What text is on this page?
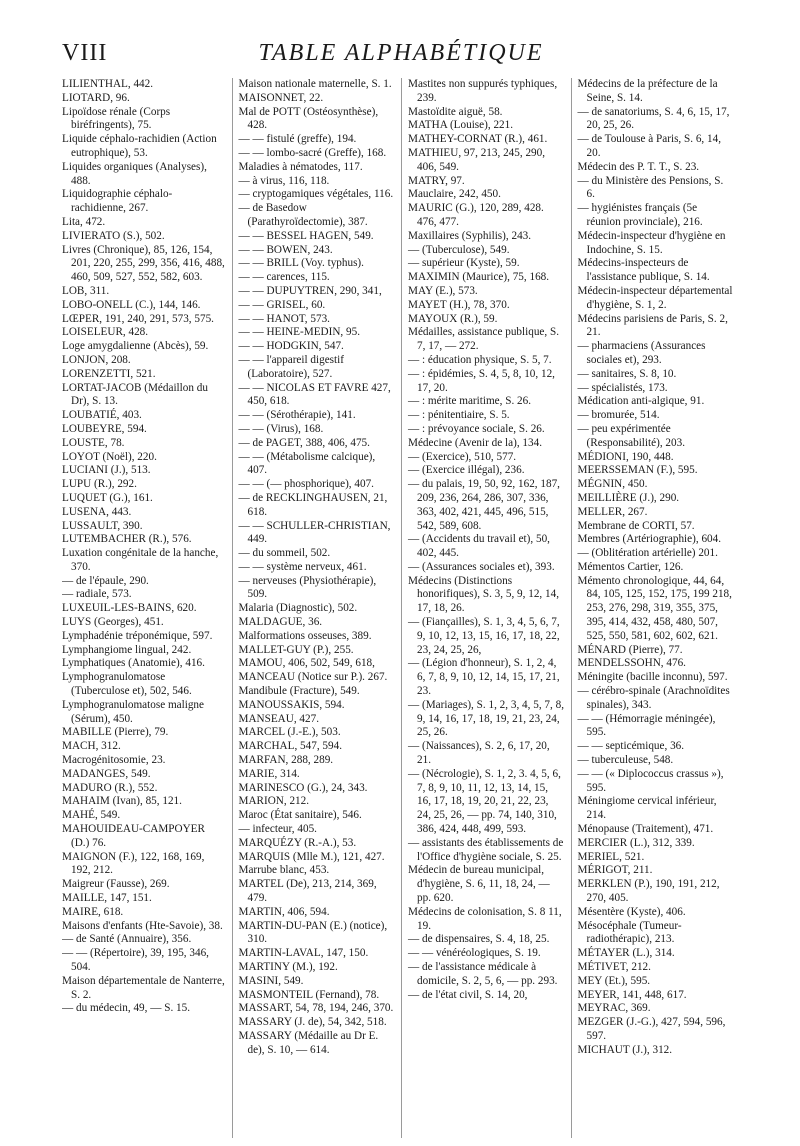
VIII	TABLE ALPHABÉTIQUE

LILIENTHAL, 442.

LIOTARD, 96.

Lipoïdose rénale (Corps biréfringents), 75.

Liquide céphalo-rachidien (Action eutrophique), 53.

Liquides organiques (Analyses), 488.

Liquidographie céphalo-rachidienne, 267.

Lita, 472.

LIVIERATO (S.), 502.

Livres (Chronique), 85, 126, 154, 201, 220, 255, 299, 356, 416, 488, 460, 509, 527, 552, 582, 603.

LOB, 311.

LOBO-ONELL (C.), 144, 146.

LŒPER, 191, 240, 291, 573, 575.

LOISELEUR, 428.

Loge amygdalienne (Abcès), 59.

LONJON, 208.

LORENZETTI, 521.

LORTAT-JACOB (Médaillon du Dr), S. 13.

LOUBATIÉ, 403.

LOUBEYRE, 594.

LOUSTE, 78.

LOYOT (Noël), 220.

LUCIANI (J.), 513.

LUPU (R.), 292.

LUQUET (G.), 161.

LUSENA, 443.

LUSSAULT, 390.

LUTEMBACHER (R.), 576.

Luxation congénitale de la hanche, 370.

— de l'épaule, 290.

— radiale, 573.

LUXEUIL-LES-BAINS, 620.

LUYS (Georges), 451.

Lymphadénie tréponémique, 597.

Lymphangiome lingual, 242.

Lymphatiques (Anatomie), 416.

Lymphogranulomatose (Tuberculose et), 502, 546.

Lymphogranulomatose maligne (Sérum), 450.

MABILLE (Pierre), 79.

MACH, 312.

Macrogénitosomie, 23.

MADANGES, 549.

MADURO (R.), 552.

MAHAIM (Ivan), 85, 121.

MAHÉ, 549.

MAHOUIDEAU-CAMPOYER (D.) 76.

MAIGNON (F.), 122, 168, 169, 192, 212.

Maigreur (Fausse), 269.

MAILLE, 147, 151.

MAIRE, 618.

Maisons d'enfants (Hte-Savoie), 38.

— de Santé (Annuaire), 356.

— — (Répertoire), 39, 195, 346, 504.

Maison départementale de Nanterre, S. 2.

— du médecin, 49, — S. 15.

Maison nationale maternelle, S. 1.

MAISONNET, 22.

Mal de POTT (Ostéosynthèse), 428.

— — fistulé (greffe), 194.

— — lombo-sacré (Greffe), 168.

Maladies à nématodes, 117.

— à virus, 116, 118.

— cryptogamiques végétales, 116.

— de Basedow (Parathyroïdectomie), 387.

— — BESSEL HAGEN, 549.

— — BOWEN, 243.

— — BRILL (Voy. typhus).

— — carences, 115.

— — DUPUYTREN, 290, 341,

— — GRISEL, 60.

— — HANOT, 573.

— — HEINE-MEDIN, 95.

— — HODGKIN, 547.

— — l'appareil digestif (Laboratoire), 527.

— — NICOLAS ET FAVRE 427, 450, 618.

— — (Sérothérapie), 141.

— — (Virus), 168.

— de PAGET, 388, 406, 475.

— — (Métabolisme calcique), 407.

— — (— phosphorique), 407.

— de RECKLINGHAUSEN, 21, 618.

— — SCHULLER-CHRISTIAN, 449.

— du sommeil, 502.

— — système nerveux, 461.

— nerveuses (Physiothérapie), 509.

Malaria (Diagnostic), 502.

MALDAGUE, 36.

Malformations osseuses, 389.

MALLET-GUY (P.), 255.

MAMOU, 406, 502, 549, 618,

MANCEAU (Notice sur P.). 267.

Mandibule (Fracture), 549.

MANOUSSAKIS, 594.

MANSEAU, 427.

MARCEL (J.-E.), 503.

MARCHAL, 547, 594.

MARFAN, 288, 289.

MARIE, 314.

MARINESCO (G.), 24, 343.

MARION, 212.

Maroc (État sanitaire), 546.

— infecteur, 405.

MARQUÉZY (R.-A.), 53.

MARQUIS (Mlle M.), 121, 427.

Marrube blanc, 453.

MARTEL (De), 213, 214, 369, 479.

MARTIN, 406, 594.

MARTIN-DU-PAN (E.) (notice), 310.

MARTIN-LAVAL, 147, 150.

MARTINY (M.), 192.

MASINI, 549.

MASMONTEIL (Fernand), 78.

MASSART, 54, 78, 194, 246, 370.

MASSARY (J. de), 54, 342, 518.

MASSARY (Médaille au Dr E. de), S. 10, — 614.

Mastites non suppurés typhiques, 239.

Mastoïdite aiguë, 58.

MATHA (Louise), 221.

MATHEY-CORNAT (R.), 461.

MATHIEU, 97, 213, 245, 290, 406, 549.

MATRY, 97.

Mauclaire, 242, 450.

MAURIC (G.), 120, 289, 428. 476, 477.

Maxillaires (Syphilis), 243.

— (Tuberculose), 549.

— supérieur (Kyste), 59.

MAXIMIN (Maurice), 75, 168.

MAY (E.), 573.

MAYET (H.), 78, 370.

MAYOUX (R.), 59.

Médailles, assistance publique, S. 7, 17, — 272.

— : éducation physique, S. 5, 7.

— : épidémies, S. 4, 5, 8, 10, 12, 17, 20.

— : mérite maritime, S. 26.

— : pénitentiaire, S. 5.

— : prévoyance sociale, S. 26.

Médecine (Avenir de la), 134.

— (Exercice), 510, 577.

— (Exercice illégal), 236.

— du palais, 19, 50, 92, 162, 187, 209, 236, 264, 286, 307, 336, 363, 402, 421, 445, 496, 515, 542, 589, 608.

— (Accidents du travail et), 50, 402, 445.

— (Assurances sociales et), 393.

Médecins (Distinctions honorifiques), S. 3, 5, 9, 12, 14, 17, 18, 26.

— (Fiançailles), S. 1, 3, 4, 5, 6, 7, 9, 10, 12, 13, 15, 16, 17, 18, 22, 23, 24, 25, 26,

— (Légion d'honneur), S. 1, 2, 4, 6, 7, 8, 9, 10, 12, 14, 15, 17, 21, 23.

— (Mariages), S. 1, 2, 3, 4, 5, 7, 8, 9, 14, 16, 17, 18, 19, 21, 23, 24, 25, 26.

— (Naissances), S. 2, 6, 17, 20, 21.

— (Nécrologie), S. 1, 2, 3. 4, 5, 6, 7, 8, 9, 10, 11, 12, 13, 14, 15, 16, 17, 18, 19, 20, 21, 22, 23, 24, 25, 26, — pp. 74, 140, 310, 386, 424, 448, 499, 593.

— assistants des établissements de l'Office d'hygiène sociale, S. 25.

Médecin de bureau municipal, d'hygiène, S. 6, 11, 18, 24, — pp. 620.

Médecins de colonisation, S. 8 11, 19.

— de dispensaires, S. 4, 18, 25.

— — vénéréologiques, S. 19.

— de l'assistance médicale à domicile, S. 2, 5, 6, — pp. 293.

— de l'état civil, S. 14, 20,

Médecins de la préfecture de la Seine, S. 14.

— de sanatoriums, S. 4, 6, 15, 17, 20, 25, 26.

— de Toulouse à Paris, S. 6, 14, 20.

Médecin des P. T. T., S. 23.

— du Ministère des Pensions, S. 6.

— hygiénistes français (5e réunion provinciale), 216.

Médecin-inspecteur d'hygiène en Indochine, S. 15.

Médecins-inspecteurs de l'assistance publique, S. 14.

Médecin-inspecteur départemental d'hygiène, S. 1, 2.

Médecins parisiens de Paris, S. 2, 21.

— pharmaciens (Assurances sociales et), 293.

— sanitaires, S. 8, 10.

— spécialistés, 173.

Médication anti-algique, 91.

— bromurée, 514.

— peu expérimentée (Responsabilité), 203.

MÉDIONI, 190, 448.

MEERSSEMAN (F.), 595.

MÉGNIN, 450.

MEILLIÈRE (J.), 290.

MELLER, 267.

Membrane de CORTI, 57.

Membres (Artériographie), 604.

— (Oblitération artérielle) 201.

Mémentos Cartier, 126.

Mémento chronologique, 44, 64, 84, 105, 125, 152, 175, 199 218, 253, 276, 298, 319, 355, 375, 395, 414, 432, 458, 480, 507, 525, 550, 581, 602, 602, 621.

MÉNARD (Pierre), 77.

MENDELSSOHN, 476.

Méningite (bacille inconnu), 597.

— cérébro-spinale (Arachnoïdites spinales), 343.

— — (Hémorragie méningée), 595.

— — septicémique, 36.

— tuberculeuse, 548.

— — (« Diplococcus crassus »), 595.

Méningiome cervical inférieur, 214.

Ménopause (Traitement), 471.

MERCIER (L.), 312, 339.

MERIEL, 521.

MÉRIGOT, 211.

MERKLEN (P.), 190, 191, 212, 270, 405.

Mésentère (Kyste), 406.

Mésocéphale (Tumeur-radiothérapic), 213.

MÉTAYER (L.), 314.

MÉTIVET, 212.

MEY (Et.), 595.

MEYER, 141, 448, 617.

MEYRAC, 369.

MEZGER (J.-G.), 427, 594, 596, 597.

MICHAUT (J.), 312.
